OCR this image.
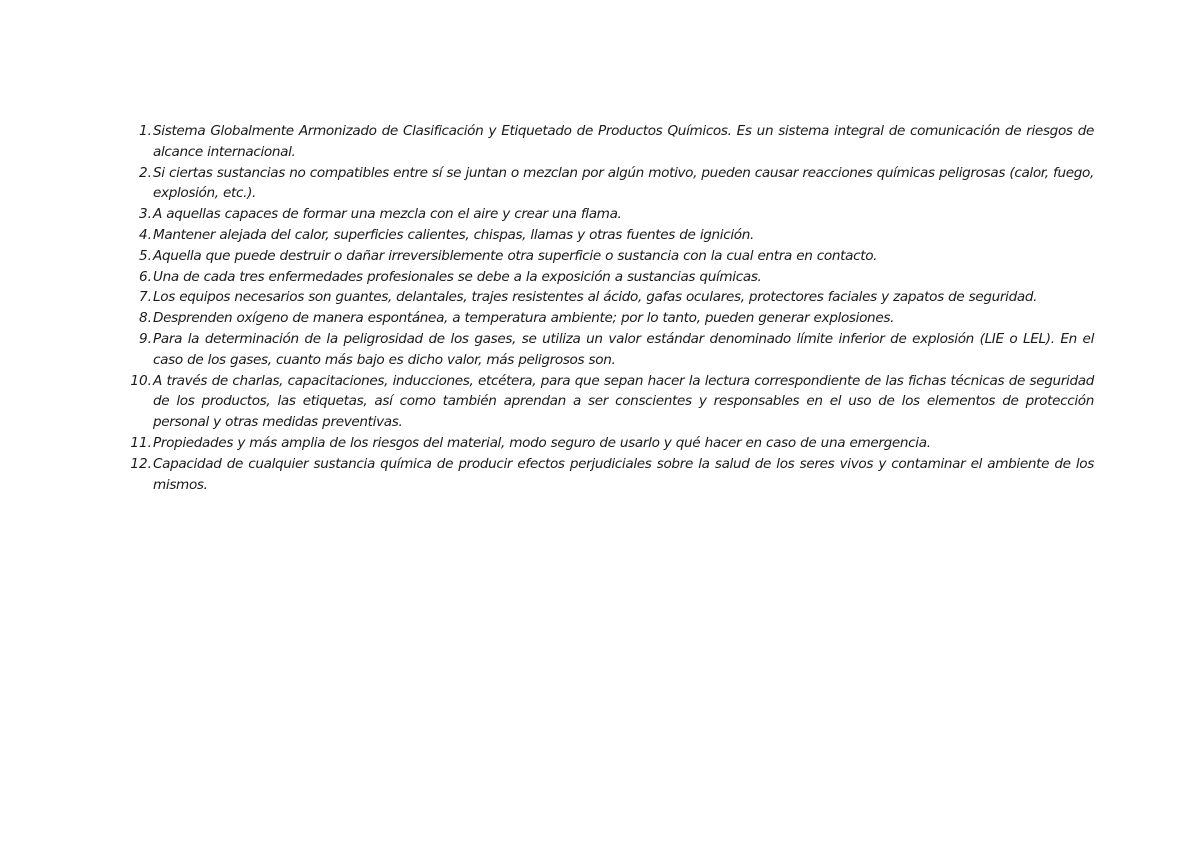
1. Sistema Globalmente Armonizado de Clasificación y Etiquetado de Productos Químicos. Es un sistema integral de comunicación de riesgos de alcance internacional.
2. Si ciertas sustancias no compatibles entre sí se juntan o mezclan por algún motivo, pueden causar reacciones químicas peligrosas (calor, fuego, explosión, etc.).
3. A aquellas capaces de formar una mezcla con el aire y crear una flama.
4. Mantener alejada del calor, superficies calientes, chispas, llamas y otras fuentes de ignición.
5. Aquella que puede destruir o dañar irreversiblemente otra superficie o sustancia con la cual entra en contacto.
6. Una de cada tres enfermedades profesionales se debe a la exposición a sustancias químicas.
7. Los equipos necesarios son guantes, delantales, trajes resistentes al ácido, gafas oculares, protectores faciales y zapatos de seguridad.
8. Desprenden oxígeno de manera espontánea, a temperatura ambiente; por lo tanto, pueden generar explosiones.
9. Para la determinación de la peligrosidad de los gases, se utiliza un valor estándar denominado límite inferior de explosión (LIE o LEL). En el caso de los gases, cuanto más bajo es dicho valor, más peligrosos son.
10. A través de charlas, capacitaciones, inducciones, etcétera, para que sepan hacer la lectura correspondiente de las fichas técnicas de seguridad de los productos, las etiquetas, así como también aprendan a ser conscientes y responsables en el uso de los elementos de protección personal y otras medidas preventivas.
11. Propiedades y más amplia de los riesgos del material, modo seguro de usarlo y qué hacer en caso de una emergencia.
12. Capacidad de cualquier sustancia química de producir efectos perjudiciales sobre la salud de los seres vivos y contaminar el ambiente de los mismos.
